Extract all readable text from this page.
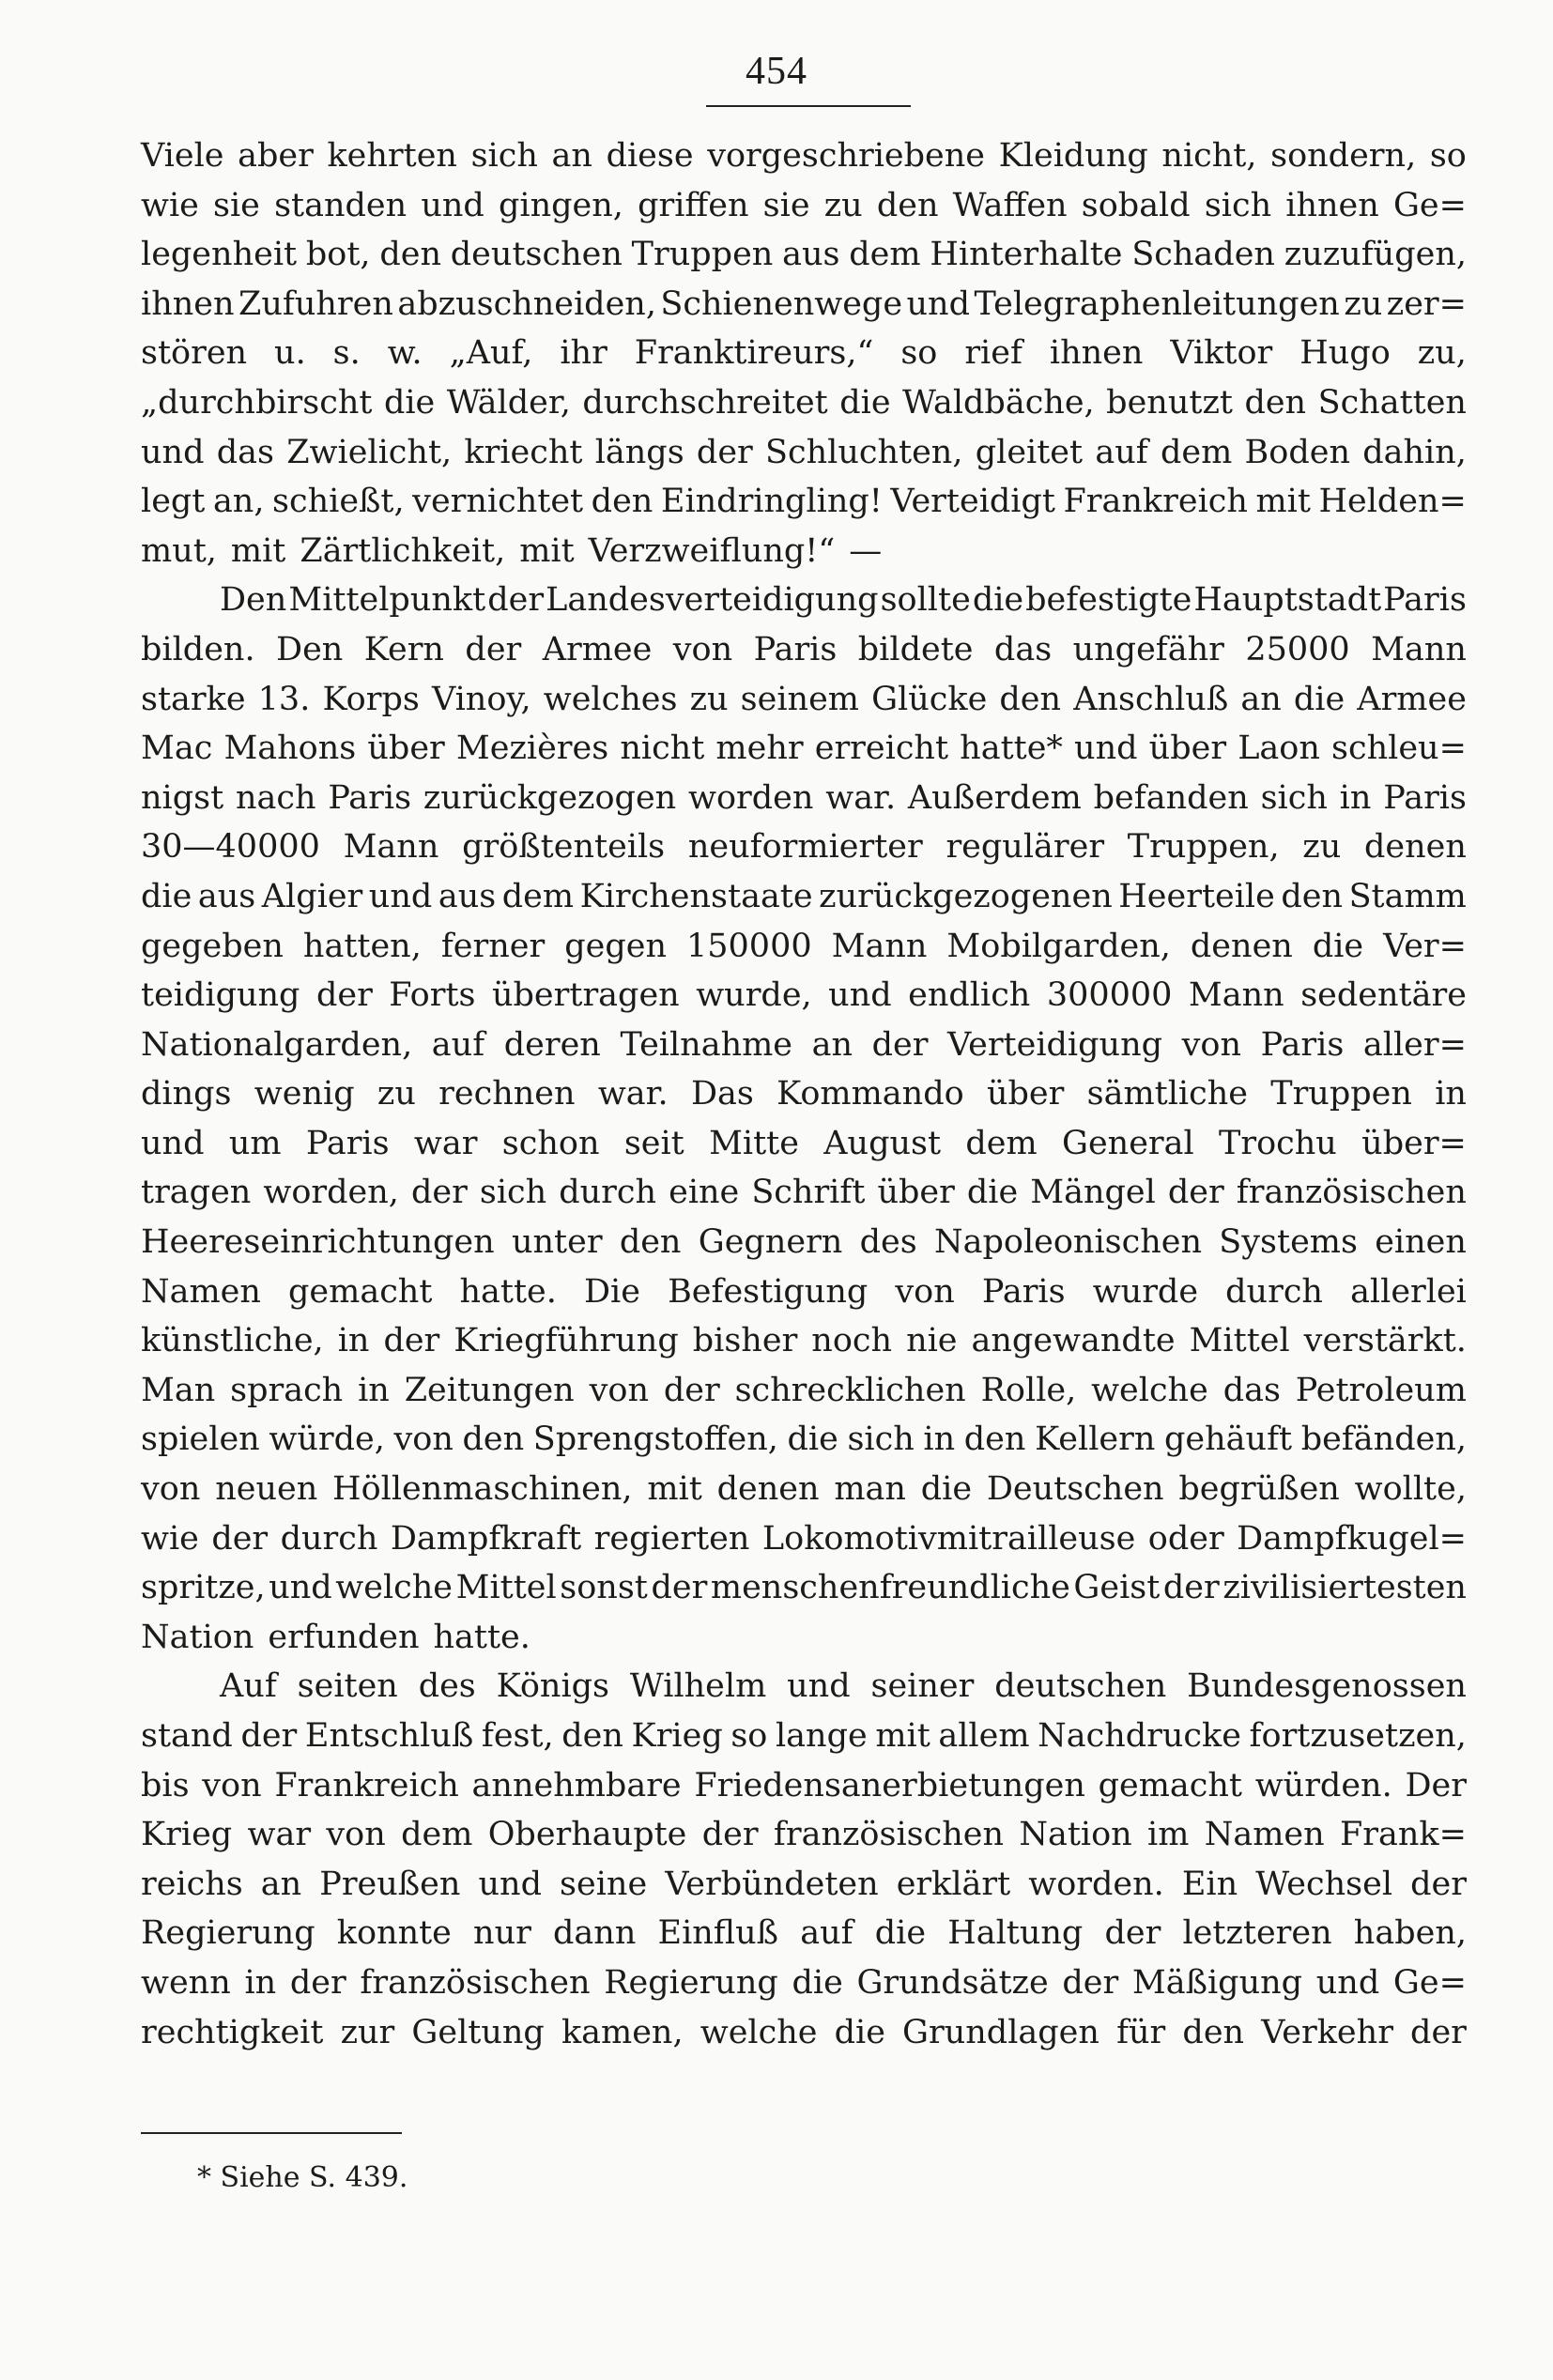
454
Viele aber kehrten sich an diese vorgeschriebene Kleidung nicht, sondern, so
wie sie standen und gingen, griffen sie zu den Waffen sobald sich ihnen Ge=
legenheit bot, den deutschen Truppen aus dem Hinterhalte Schaden zuzufügen,
ihnen Zufuhren abzuschneiden, Schienenwege und Telegraphenleitungen zu zer=
stören u. s. w. „Auf, ihr Franktireurs,“ so rief ihnen Viktor Hugo zu,
„durchbirscht die Wälder, durchschreitet die Waldbäche, benutzt den Schatten
und das Zwielicht, kriecht längs der Schluchten, gleitet auf dem Boden dahin,
legt an, schießt, vernichtet den Eindringling! Verteidigt Frankreich mit Helden=
mut, mit Zärtlichkeit, mit Verzweiflung!“ —
Den Mittelpunkt der Landesverteidigung sollte die befestigte Hauptstadt Paris
bilden. Den Kern der Armee von Paris bildete das ungefähr 25000 Mann
starke 13. Korps Vinoy, welches zu seinem Glücke den Anschluß an die Armee
Mac Mahons über Mezières nicht mehr erreicht hatte* und über Laon schleu=
nigst nach Paris zurückgezogen worden war. Außerdem befanden sich in Paris
30—40000 Mann größtenteils neuformierter regulärer Truppen, zu denen
die aus Algier und aus dem Kirchenstaate zurückgezogenen Heerteile den Stamm
gegeben hatten, ferner gegen 150000 Mann Mobilgarden, denen die Ver=
teidigung der Forts übertragen wurde, und endlich 300000 Mann sedentäre
Nationalgarden, auf deren Teilnahme an der Verteidigung von Paris aller=
dings wenig zu rechnen war. Das Kommando über sämtliche Truppen in
und um Paris war schon seit Mitte August dem General Trochu über=
tragen worden, der sich durch eine Schrift über die Mängel der französischen
Heereseinrichtungen unter den Gegnern des Napoleonischen Systems einen
Namen gemacht hatte. Die Befestigung von Paris wurde durch allerlei
künstliche, in der Kriegführung bisher noch nie angewandte Mittel verstärkt.
Man sprach in Zeitungen von der schrecklichen Rolle, welche das Petroleum
spielen würde, von den Sprengstoffen, die sich in den Kellern gehäuft befänden,
von neuen Höllenmaschinen, mit denen man die Deutschen begrüßen wollte,
wie der durch Dampfkraft regierten Lokomotivmitrailleuse oder Dampfkugel=
spritze, und welche Mittel sonst der menschenfreundliche Geist der zivilisiertesten
Nation erfunden hatte.
Auf seiten des Königs Wilhelm und seiner deutschen Bundesgenossen
stand der Entschluß fest, den Krieg so lange mit allem Nachdrucke fortzusetzen,
bis von Frankreich annehmbare Friedensanerbietungen gemacht würden. Der
Krieg war von dem Oberhaupte der französischen Nation im Namen Frank=
reichs an Preußen und seine Verbündeten erklärt worden. Ein Wechsel der
Regierung konnte nur dann Einfluß auf die Haltung der letzteren haben,
wenn in der französischen Regierung die Grundsätze der Mäßigung und Ge=
rechtigkeit zur Geltung kamen, welche die Grundlagen für den Verkehr der
* Siehe S. 439.
